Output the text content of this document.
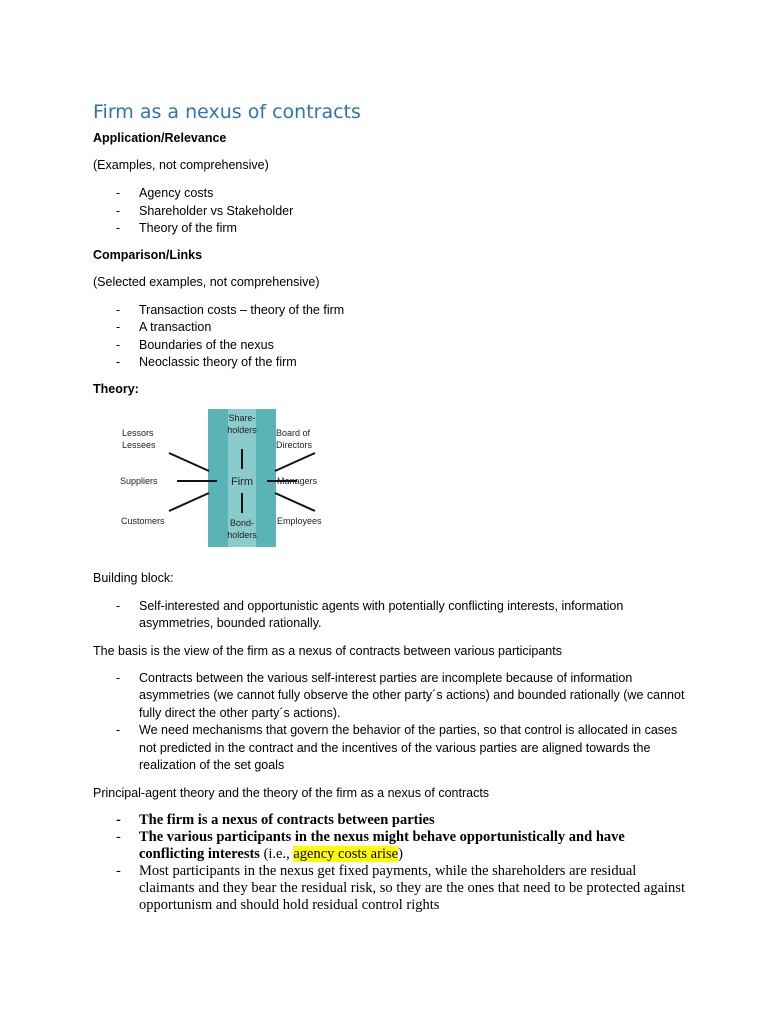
Firm as a nexus of contracts

Application/Relevance

(Examples, not comprehensive)

- Agency costs
- Shareholder vs Stakeholder
- Theory of the firm

Comparison/Links

(Selected examples, not comprehensive)

- Transaction costs – theory of the firm
- A transaction
- Boundaries of the nexus
- Neoclassic theory of the firm

Theory:

Share-
holders
Bond-
holders
Firm
Lessors
Lessees
Board of
Directors
Suppliers	Managers
Customers	Employees

Building block:

- Self-interested and opportunistic agents with potentially conflicting interests, information asymmetries, bounded rationally.

The basis is the view of the firm as a nexus of contracts between various participants

- Contracts between the various self-interest parties are incomplete because of information asymmetries (we cannot fully observe the other party´s actions) and bounded rationally (we cannot fully direct the other party´s actions).
- We need mechanisms that govern the behavior of the parties, so that control is allocated in cases not predicted in the contract and the incentives of the various parties are aligned towards the realization of the set goals

Principal-agent theory and the theory of the firm as a nexus of contracts

- The firm is a nexus of contracts between parties
- The various participants in the nexus might behave opportunistically and have conflicting interests (i.e., agency costs arise)
- Most participants in the nexus get fixed payments, while the shareholders are residual claimants and they bear the residual risk, so they are the ones that need to be protected against opportunism and should hold residual control rights
